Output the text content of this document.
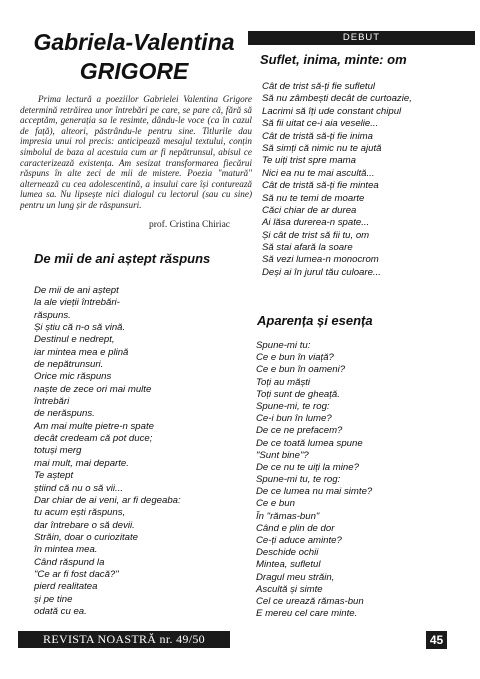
Gabriela-Valentina
GRIGORE
Prima lectură a poeziilor Gabrielei Valentina Grigore determină retrăirea unor întrebări pe care, se pare că, fără să acceptăm, generația sa le resimte, dându-le voce (ca în cazul de față), alteori, păstrându-le pentru sine. Titlurile dau impresia unui rol precis: anticipează mesajul textului, conțin simbolul de baza al acestuia cum ar fi nepătrunsul, abisul ce caracterizează existența. Am sesizat transformarea fiecărui răspuns în alte zeci de mii de mistere. Poezia "matură" alternează cu cea adolescentină, a insului care își conturează lumea sa. Nu lipsește nici dialogul cu lectorul (sau cu sine) pentru un lung șir de răspunsuri.
prof. Cristina Chiriac
De mii de ani aștept răspuns
De mii de ani aștept
la ale vieții întrebări-
răspuns.
Și știu că n-o să vină.
Destinul e nedrept,
iar mintea mea e plină
de nepătrunsuri.
Orice mic răspuns
naște de zece ori mai multe
întrebări
de nerăspuns.
Am mai multe pietre-n spate
decât credeam că pot duce;
totuși merg
mai mult, mai departe.
Te aștept
știind că nu o să vii...
Dar chiar de ai veni, ar fi degeaba:
tu acum ești răspuns,
dar întrebare o să devii.
Străin, doar o curiozitate
în mintea mea.
Când răspund la
"Ce ar fi fost dacă?"
pierd realitatea
și pe tine
odată cu ea.
DEBUT
Suflet, inima, minte: om
Cât de trist să-ți fie sufletul
Să nu zâmbești decât de curtoazie,
Lacrimi să îți ude constant chipul
Să fii uitat ce-i aia veselie...
Cât de tristă să-ți fie inima
Să simți că nimic nu te ajută
Te uiți trist spre mama
Nici ea nu te mai ascultă...
Cât de tristă să-ți fie mintea
Să nu te temi de moarte
Căci chiar de ar durea
Ai lăsa durerea-n spate...
Și cât de trist să fii tu, om
Să stai afară la soare
Să vezi lumea-n monocrom
Deși ai în jurul tău culoare...
Aparența și esența
Spune-mi tu:
Ce e bun în viață?
Ce e bun în oameni?
Toți au măști
Toți sunt de gheață.
Spune-mi, te rog:
Ce-i bun în lume?
De ce ne prefacem?
De ce toată lumea spune
"Sunt bine"?
De ce nu te uiți la mine?
Spune-mi tu, te rog:
De ce lumea nu mai simte?
Ce e bun
În "rămas-bun"
Când e plin de dor
Ce-ți aduce aminte?
Deschide ochii
Mintea, sufletul
Dragul meu străin,
Ascultă și simte
Cel ce urează rămas-bun
E mereu cel care minte.
REVISTA NOASTRĂ nr. 49/50	45
